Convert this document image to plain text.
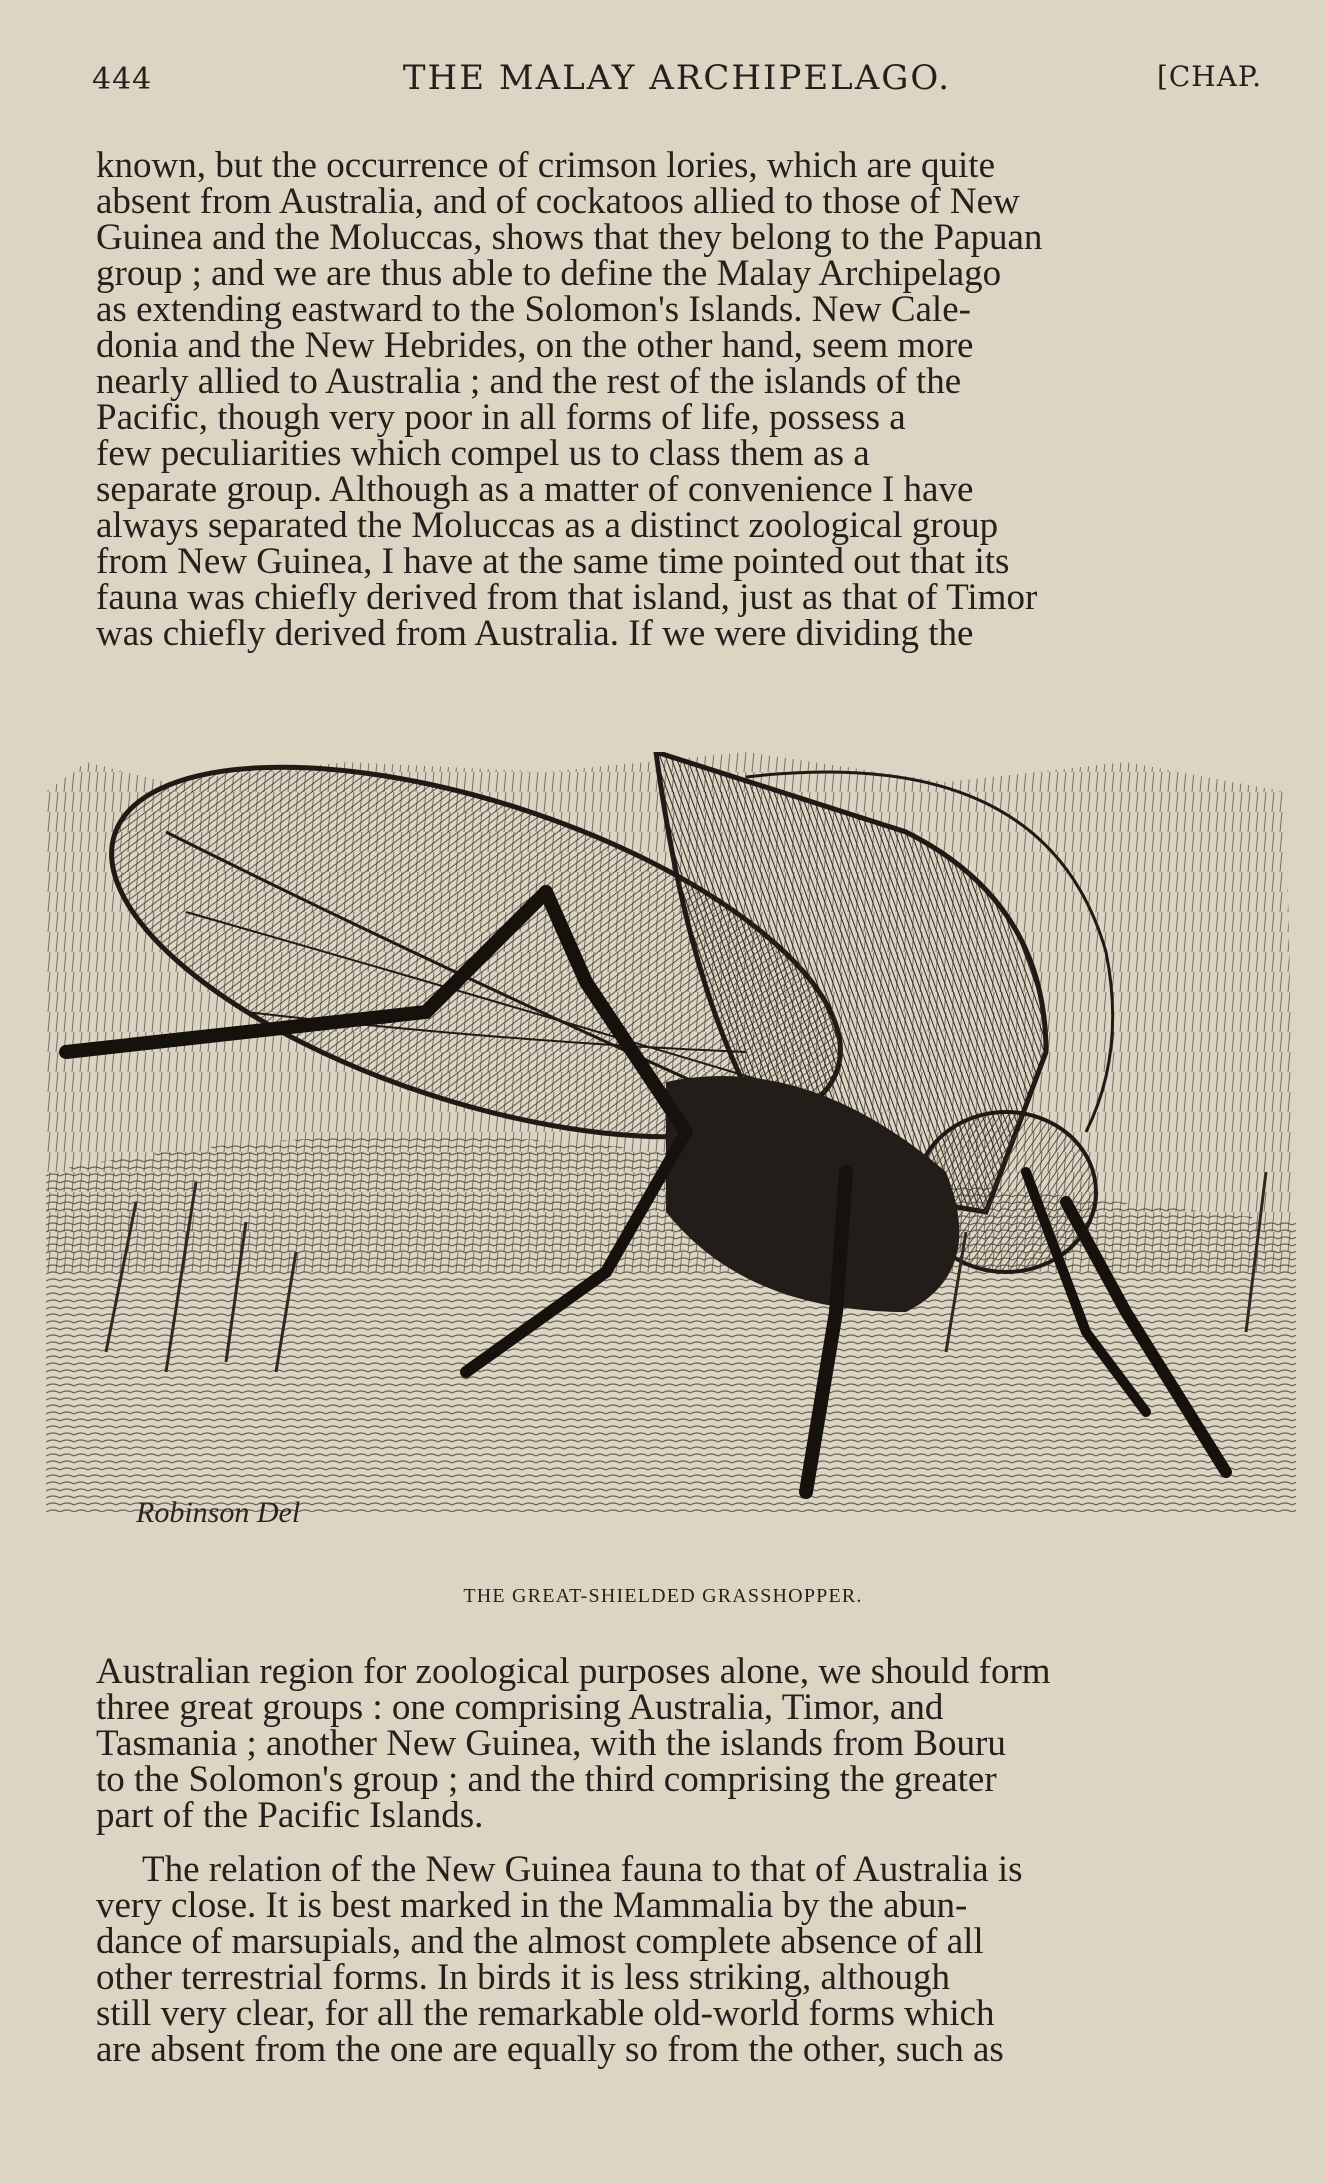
444	THE MALAY ARCHIPELAGO.	[CHAP.
known, but the occurrence of crimson lories, which are quite
absent from Australia, and of cockatoos allied to those of New
Guinea and the Moluccas, shows that they belong to the Papuan
group ; and we are thus able to define the Malay Archipelago
as extending eastward to the Solomon's Islands. New Cale-
donia and the New Hebrides, on the other hand, seem more
nearly allied to Australia ; and the rest of the islands of the
Pacific, though very poor in all forms of life, possess a
few peculiarities which compel us to class them as a
separate group. Although as a matter of convenience I have
always separated the Moluccas as a distinct zoological group
from New Guinea, I have at the same time pointed out that its
fauna was chiefly derived from that island, just as that of Timor
was chiefly derived from Australia. If we were dividing the
Robinson Del
THE GREAT-SHIELDED GRASSHOPPER.
Australian region for zoological purposes alone, we should form
three great groups : one comprising Australia, Timor, and
Tasmania ; another New Guinea, with the islands from Bouru
to the Solomon's group ; and the third comprising the greater
part of the Pacific Islands.
The relation of the New Guinea fauna to that of Australia is
very close. It is best marked in the Mammalia by the abun-
dance of marsupials, and the almost complete absence of all
other terrestrial forms. In birds it is less striking, although
still very clear, for all the remarkable old-world forms which
are absent from the one are equally so from the other, such as
